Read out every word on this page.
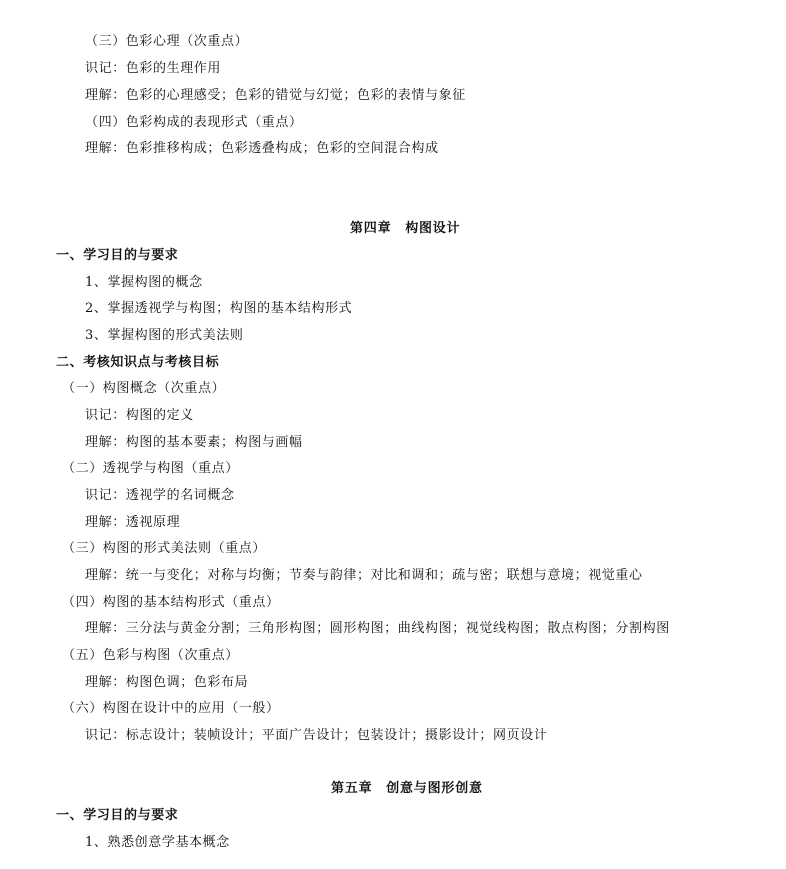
（三）色彩心理（次重点）
识记：色彩的生理作用
理解：色彩的心理感受；色彩的错觉与幻觉；色彩的表情与象征
（四）色彩构成的表现形式（重点）
理解：色彩推移构成；色彩透叠构成；色彩的空间混合构成
第四章　构图设计
一、学习目的与要求
1、掌握构图的概念
2、掌握透视学与构图；构图的基本结构形式
3、掌握构图的形式美法则
二、考核知识点与考核目标
（一）构图概念（次重点）
识记：构图的定义
理解：构图的基本要素；构图与画幅
（二）透视学与构图（重点）
识记：透视学的名词概念
理解：透视原理
（三）构图的形式美法则（重点）
理解：统一与变化；对称与均衡；节奏与韵律；对比和调和；疏与密；联想与意境；视觉重心
（四）构图的基本结构形式（重点）
理解：三分法与黄金分割；三角形构图；圆形构图；曲线构图；视觉线构图；散点构图；分割构图
（五）色彩与构图（次重点）
理解：构图色调；色彩布局
（六）构图在设计中的应用（一般）
识记：标志设计；装帧设计；平面广告设计；包装设计；摄影设计；网页设计
第五章　创意与图形创意
一、学习目的与要求
1、熟悉创意学基本概念
